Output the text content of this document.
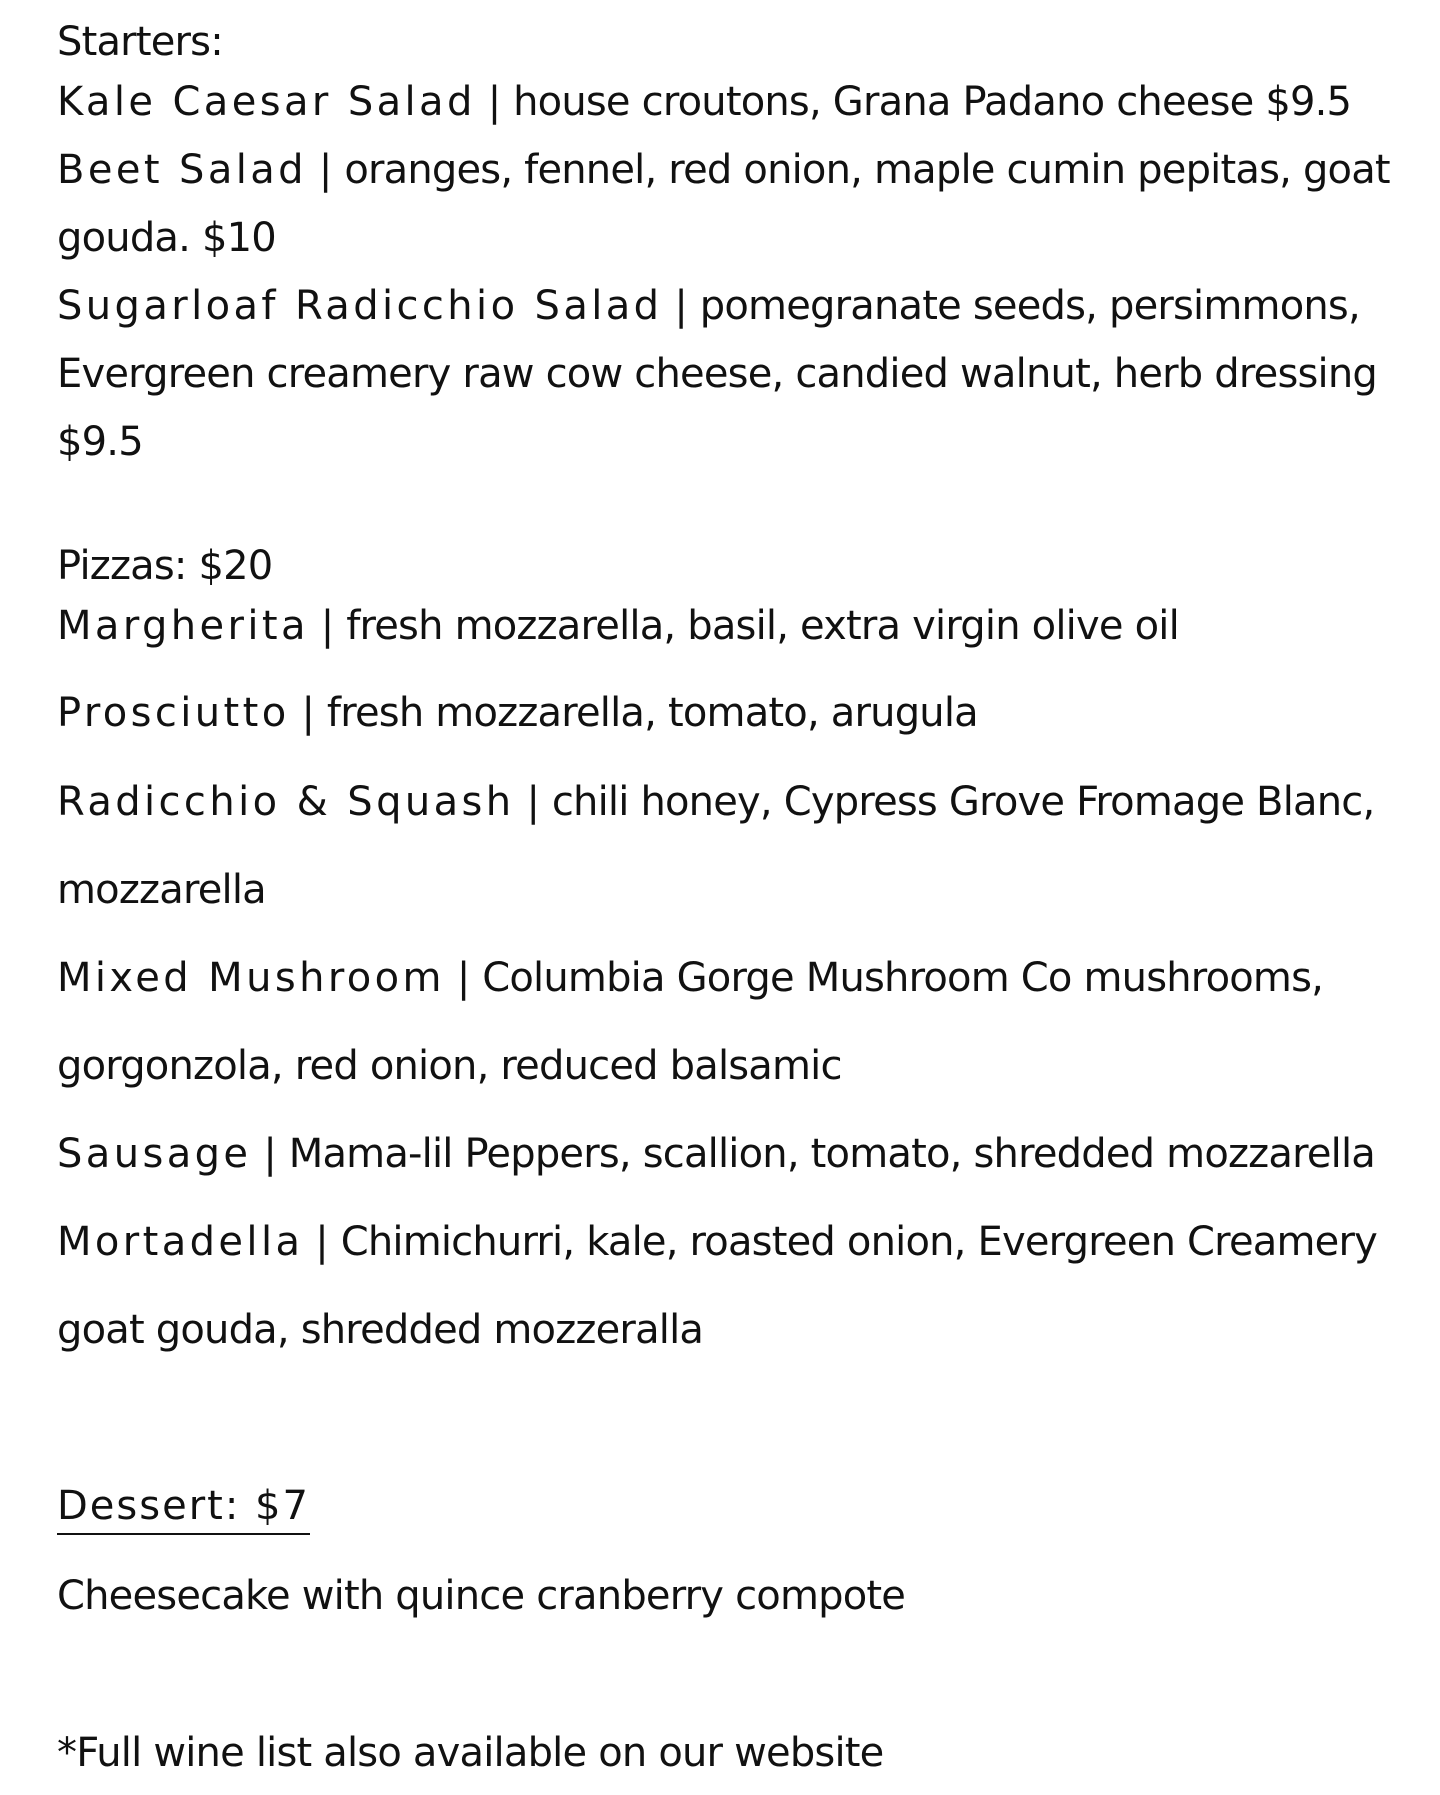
Starters:
Kale Caesar Salad | house croutons, Grana Padano cheese $9.5
Beet Salad | oranges, fennel, red onion, maple cumin pepitas, goat
gouda. $10
Sugarloaf Radicchio Salad | pomegranate seeds, persimmons,
Evergreen creamery raw cow cheese, candied walnut, herb dressing
$9.5
Pizzas: $20
Margherita | fresh mozzarella, basil, extra virgin olive oil
Prosciutto | fresh mozzarella, tomato, arugula
Radicchio & Squash | chili honey, Cypress Grove Fromage Blanc,
mozzarella
Mixed Mushroom | Columbia Gorge Mushroom Co mushrooms,
gorgonzola, red onion, reduced balsamic
Sausage | Mama-lil Peppers, scallion, tomato, shredded mozzarella
Mortadella | Chimichurri, kale, roasted onion, Evergreen Creamery
goat gouda, shredded mozzeralla
Dessert: $7
Cheesecake with quince cranberry compote
*Full wine list also available on our website
